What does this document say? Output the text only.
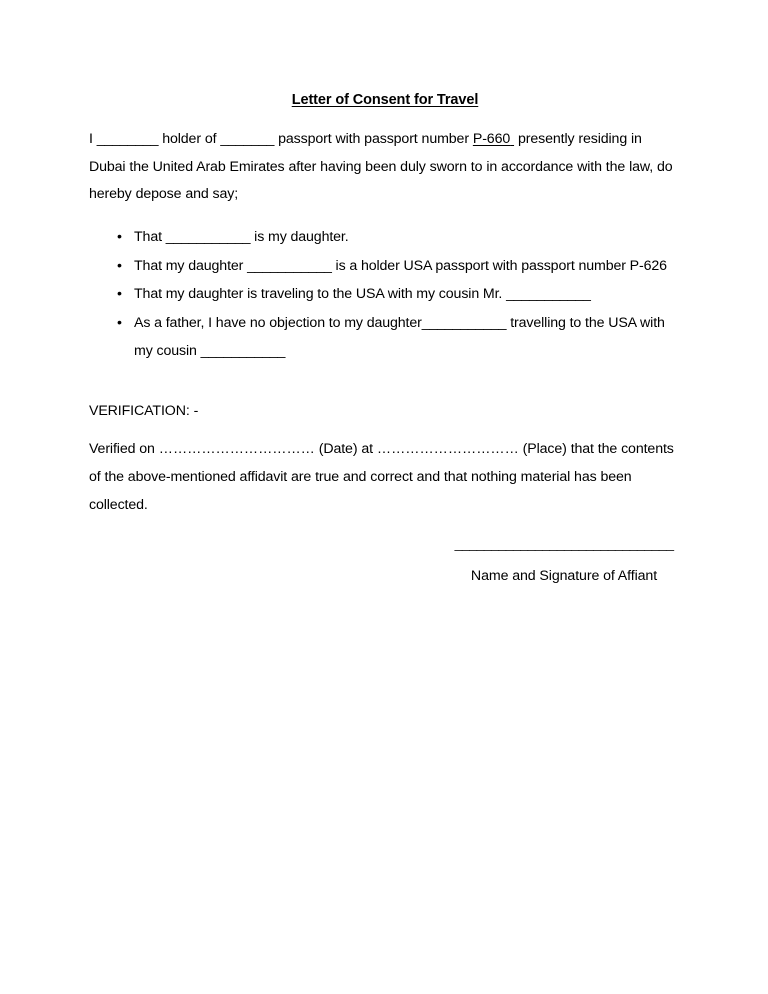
Letter of Consent for Travel

I ________ holder of _______ passport with passport number P-660  presently residing in Dubai the United Arab Emirates after having been duly sworn to in accordance with the law, do hereby depose and say;

• That ___________ is my daughter.
• That my daughter ___________ is a holder USA passport with passport number P-626
• That my daughter is traveling to the USA with my cousin Mr. ___________
• As a father, I have no objection to my daughter___________ travelling to the USA with my cousin ___________

VERIFICATION: -

Verified on …………………………… (Date) at ………………………… (Place) that the contents of the above-mentioned affidavit are true and correct and that nothing material has been collected.

______________________________
Name and Signature of Affiant
